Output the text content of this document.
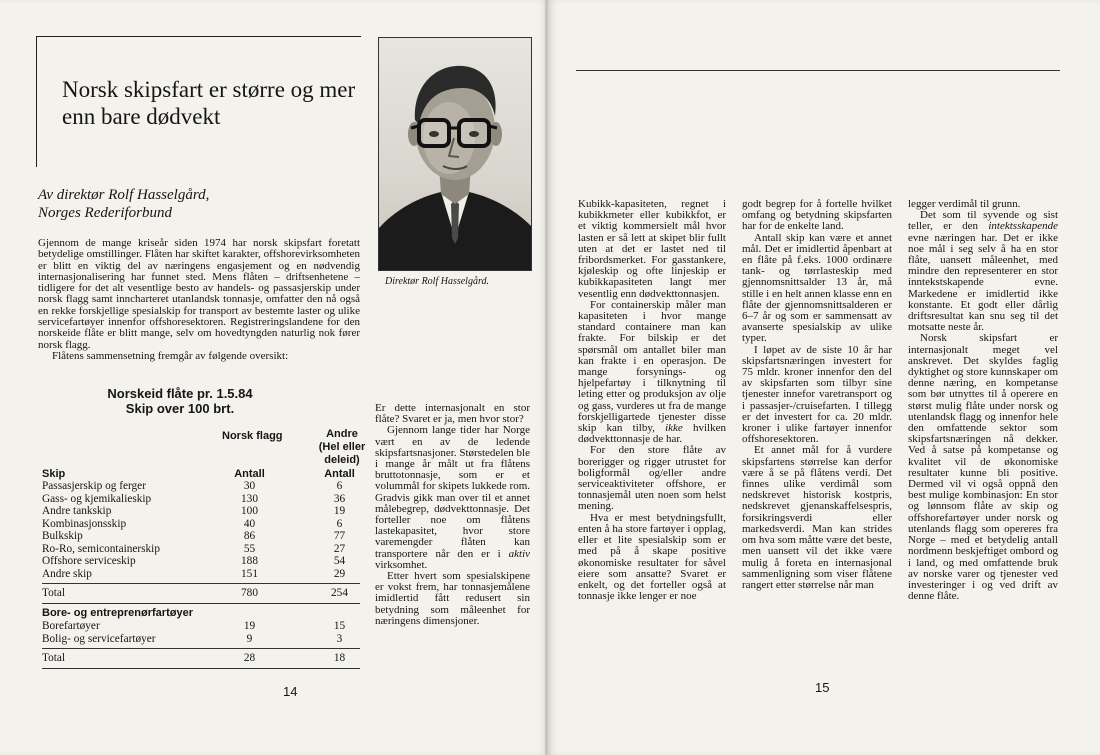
Norsk skipsfart er større og mer enn bare dødvekt
Av direktør Rolf Hasselgård,
Norges Rederiforbund
Direktør Rolf Hasselgård.

Gjennom de mange kriseår siden 1974 har norsk skipsfart foretatt betydelige omstillinger. Flåten har skiftet karakter, offshorevirksomheten er blitt en viktig del av næringens engasjement og en nødvendig internasjonalisering har funnet sted. Mens flåten – driftsenhetene – tidligere for det alt vesentlige besto av handels- og passasjerskip under norsk flagg samt inncharteret utanlandsk tonnasje, omfatter den nå også en rekke forskjellige spesialskip for transport av bestemte laster og ulike servicefartøyer innenfor offshoresektoren. Registreringslandene for den norskeide flåte er blitt mange, selv om hovedtyngden naturlig nok fører norsk flagg.

Flåtens sammensetning fremgår av følgende oversikt:

Norskeid flåte pr. 1.5.84
Skip over 100 brt.
Norsk flagg	Andre
(Hel eller
deleid)
Skip	Antall	Antall
Passasjerskip og ferger	30	6
Gass- og kjemikalieskip	130	36
Andre tankskip	100	19
Kombinasjonsskip	40	6
Bulkskip	86	77
Ro-Ro, semicontainerskip	55	27
Offshore serviceskip	188	54
Andre skip	151	29
Total	780	254
Bore- og entreprenørfartøyer
Borefartøyer	19	15
Bolig- og servicefartøyer	9	3
Total	28	18

Er dette internasjonalt en stor flåte? Svaret er ja, men hvor stor?

Gjennom lange tider har Norge vært en av de ledende skipsfartsnasjoner. Størstedelen ble i mange år målt ut fra flåtens bruttotonnasje, som er et volummål for skipets lukkede rom. Gradvis gikk man over til et annet målebegrep, dødvekttonnasje. Det forteller noe om flåtens lastekapasitet, hvor store varemengder flåten kan transportere når den er i aktiv virksomhet.

Etter hvert som spesialskipene er vokst frem, har tonnasjemålene imidlertid fått redusert sin betydning som måleenhet for næringens dimensjoner.

14

Kubikk-kapasiteten, regnet i kubikkmeter eller kubikkfot, er et viktig kommersielt mål hvor lasten er så lett at skipet blir fullt uten at det er lastet ned til fribordsmerket. For gasstankere, kjøleskip og ofte linjeskip er kubikkapasiteten langt mer vesentlig enn dødvekttonnasjen.

For containerskip måler man kapasiteten i hvor mange standard containere man kan frakte. For bilskip er det spørsmål om antallet biler man kan frakte i en operasjon. De mange forsynings- og hjelpefartøy i tilknytning til leting etter og produksjon av olje og gass, vurderes ut fra de mange forskjelligartede tjenester disse skip kan tilby, ikke hvilken dødvekttonnasje de har.

For den store flåte av borerigger og rigger utrustet for boligformål og/eller andre serviceaktiviteter offshore, er tonnasjemål uten noen som helst mening.

Hva er mest betydningsfullt, enten å ha store fartøyer i opplag, eller et lite spesialskip som er med på å skape positive økonomiske resultater for såvel eiere som ansatte? Svaret er enkelt, og det forteller også at tonnasje ikke lenger er noe

godt begrep for å fortelle hvilket omfang og betydning skipsfarten har for de enkelte land.

Antall skip kan være et annet mål. Det er imidlertid åpenbart at en flåte på f.eks. 1000 ordinære tank- og tørrlasteskip med gjennomsnittsalder 13 år, må stille i en helt annen klasse enn en flåte der gjennomsnittsalderen er 6–7 år og som er sammensatt av avanserte spesialskip av ulike typer.

I løpet av de siste 10 år har skipsfartsnæringen investert for 75 mldr. kroner innenfor den del av skipsfarten som tilbyr sine tjenester innefor varetransport og i passasjer-/cruisefarten. I tillegg er det investert for ca. 20 mldr. kroner i ulike fartøyer innenfor offshoresektoren.

Et annet mål for å vurdere skipsfartens størrelse kan derfor være å se på flåtens verdi. Det finnes ulike verdimål som nedskrevet historisk kostpris, nedskrevet gjenanskaffelsespris, forsikringsverdi eller markedsverdi. Man kan strides om hva som måtte være det beste, men uansett vil det ikke være mulig å foreta en internasjonal sammenligning som viser flåtene rangert etter størrelse når man

legger verdimål til grunn.

Det som til syvende og sist teller, er den intektsskapende evne næringen har. Det er ikke noe mål i seg selv å ha en stor flåte, uansett måleenhet, med mindre den representerer en stor inntekstskapende evne. Markedene er imidlertid ikke konstante. Et godt eller dårlig driftsresultat kan snu seg til det motsatte neste år.

Norsk skipsfart er internasjonalt meget vel anskrevet. Det skyldes faglig dyktighet og store kunnskaper om denne næring, en kompetanse som bør utnyttes til å operere en størst mulig flåte under norsk og utenlandsk flagg og innenfor hele den omfattende sektor som skipsfartsnæringen nå dekker. Ved å satse på kompetanse og kvalitet vil de økonomiske resultater kunne bli positive. Dermed vil vi også oppnå den best mulige kombinasjon: En stor og lønnsom flåte av skip og offshorefartøyer under norsk og utenlands flagg som opereres fra Norge – med et betydelig antall nordmenn beskjeftiget ombord og i land, og med omfattende bruk av norske varer og tjenester ved investeringer i og ved drift av denne flåte.

15
